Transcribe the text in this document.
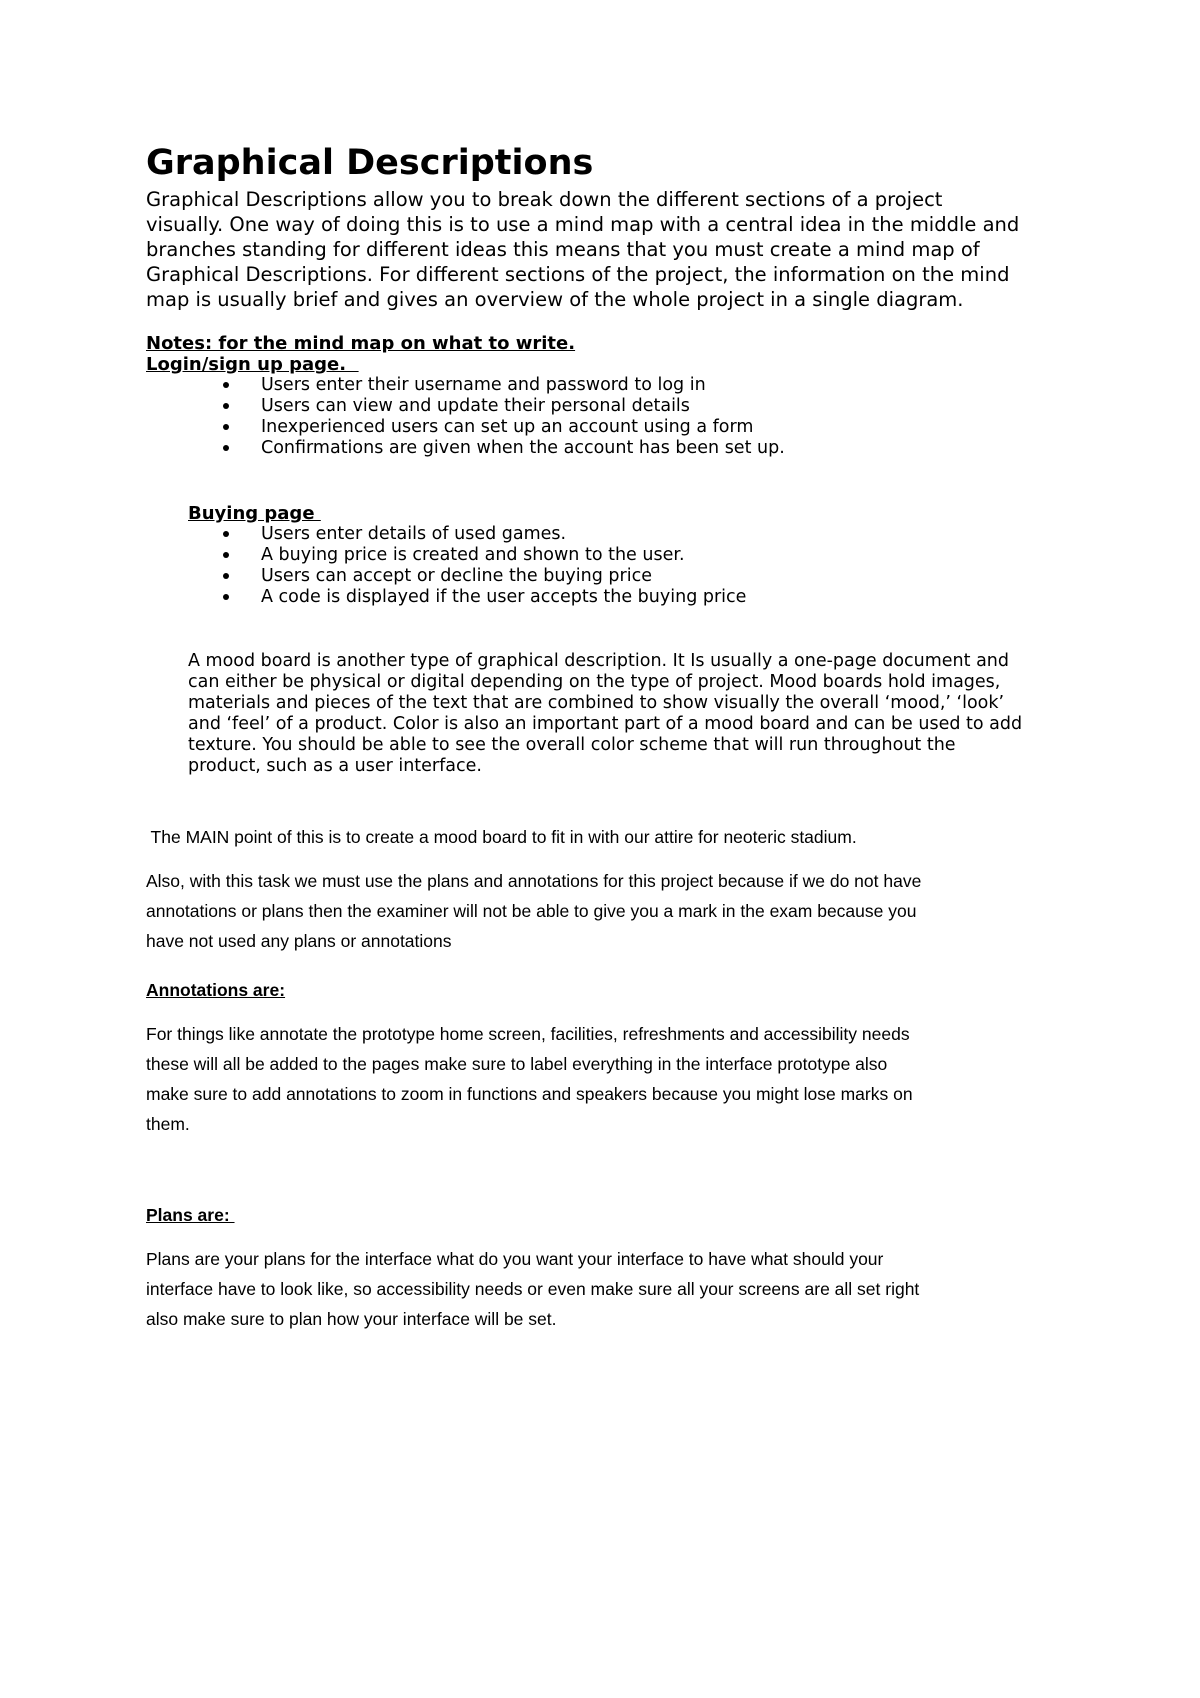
Graphical Descriptions

Graphical Descriptions allow you to break down the different sections of a project
visually. One way of doing this is to use a mind map with a central idea in the middle and
branches standing for different ideas this means that you must create a mind map of
Graphical Descriptions. For different sections of the project, the information on the mind
map is usually brief and gives an overview of the whole project in a single diagram.

Notes: for the mind map on what to write.
Login/sign up page.
Users enter their username and password to log in
Users can view and update their personal details
Inexperienced users can set up an account using a form
Confirmations are given when the account has been set up.
Buying page
Users enter details of used games.
A buying price is created and shown to the user.
Users can accept or decline the buying price
A code is displayed if the user accepts the buying price

A mood board is another type of graphical description. It Is usually a one-page document and
can either be physical or digital depending on the type of project. Mood boards hold images,
materials and pieces of the text that are combined to show visually the overall ‘mood,’ ‘look’
and ‘feel’ of a product. Color is also an important part of a mood board and can be used to add
texture. You should be able to see the overall color scheme that will run throughout the
product, such as a user interface.

The MAIN point of this is to create a mood board to fit in with our attire for neoteric stadium.

Also, with this task we must use the plans and annotations for this project because if we do not have
annotations or plans then the examiner will not be able to give you a mark in the exam because you
have not used any plans or annotations

Annotations are:

For things like annotate the prototype home screen, facilities, refreshments and accessibility needs
these will all be added to the pages make sure to label everything in the interface prototype also
make sure to add annotations to zoom in functions and speakers because you might lose marks on
them.

Plans are:

Plans are your plans for the interface what do you want your interface to have what should your
interface have to look like, so accessibility needs or even make sure all your screens are all set right
also make sure to plan how your interface will be set.
